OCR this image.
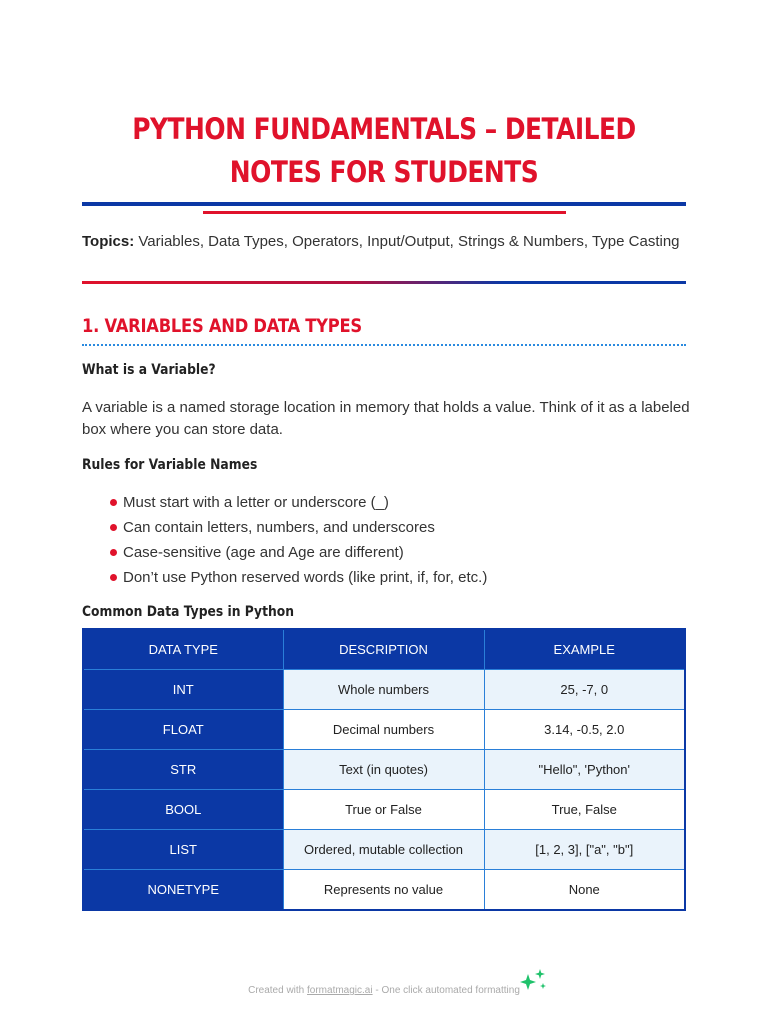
PYTHON FUNDAMENTALS – DETAILED NOTES FOR STUDENTS
Topics: Variables, Data Types, Operators, Input/Output, Strings & Numbers, Type Casting
1. VARIABLES AND DATA TYPES
What is a Variable?
A variable is a named storage location in memory that holds a value. Think of it as a labeled box where you can store data.
Rules for Variable Names
Must start with a letter or underscore (_)
Can contain letters, numbers, and underscores
Case-sensitive (age and Age are different)
Don’t use Python reserved words (like print, if, for, etc.)
Common Data Types in Python
DATA TYPE	DESCRIPTION	EXAMPLE
INT	Whole numbers	25, -7, 0
FLOAT	Decimal numbers	3.14, -0.5, 2.0
STR	Text (in quotes)	"Hello", 'Python'
BOOL	True or False	True, False
LIST	Ordered, mutable collection	[1, 2, 3], ["a", "b"]
NONETYPE	Represents no value	None
Created with formatmagic.ai - One click automated formatting
